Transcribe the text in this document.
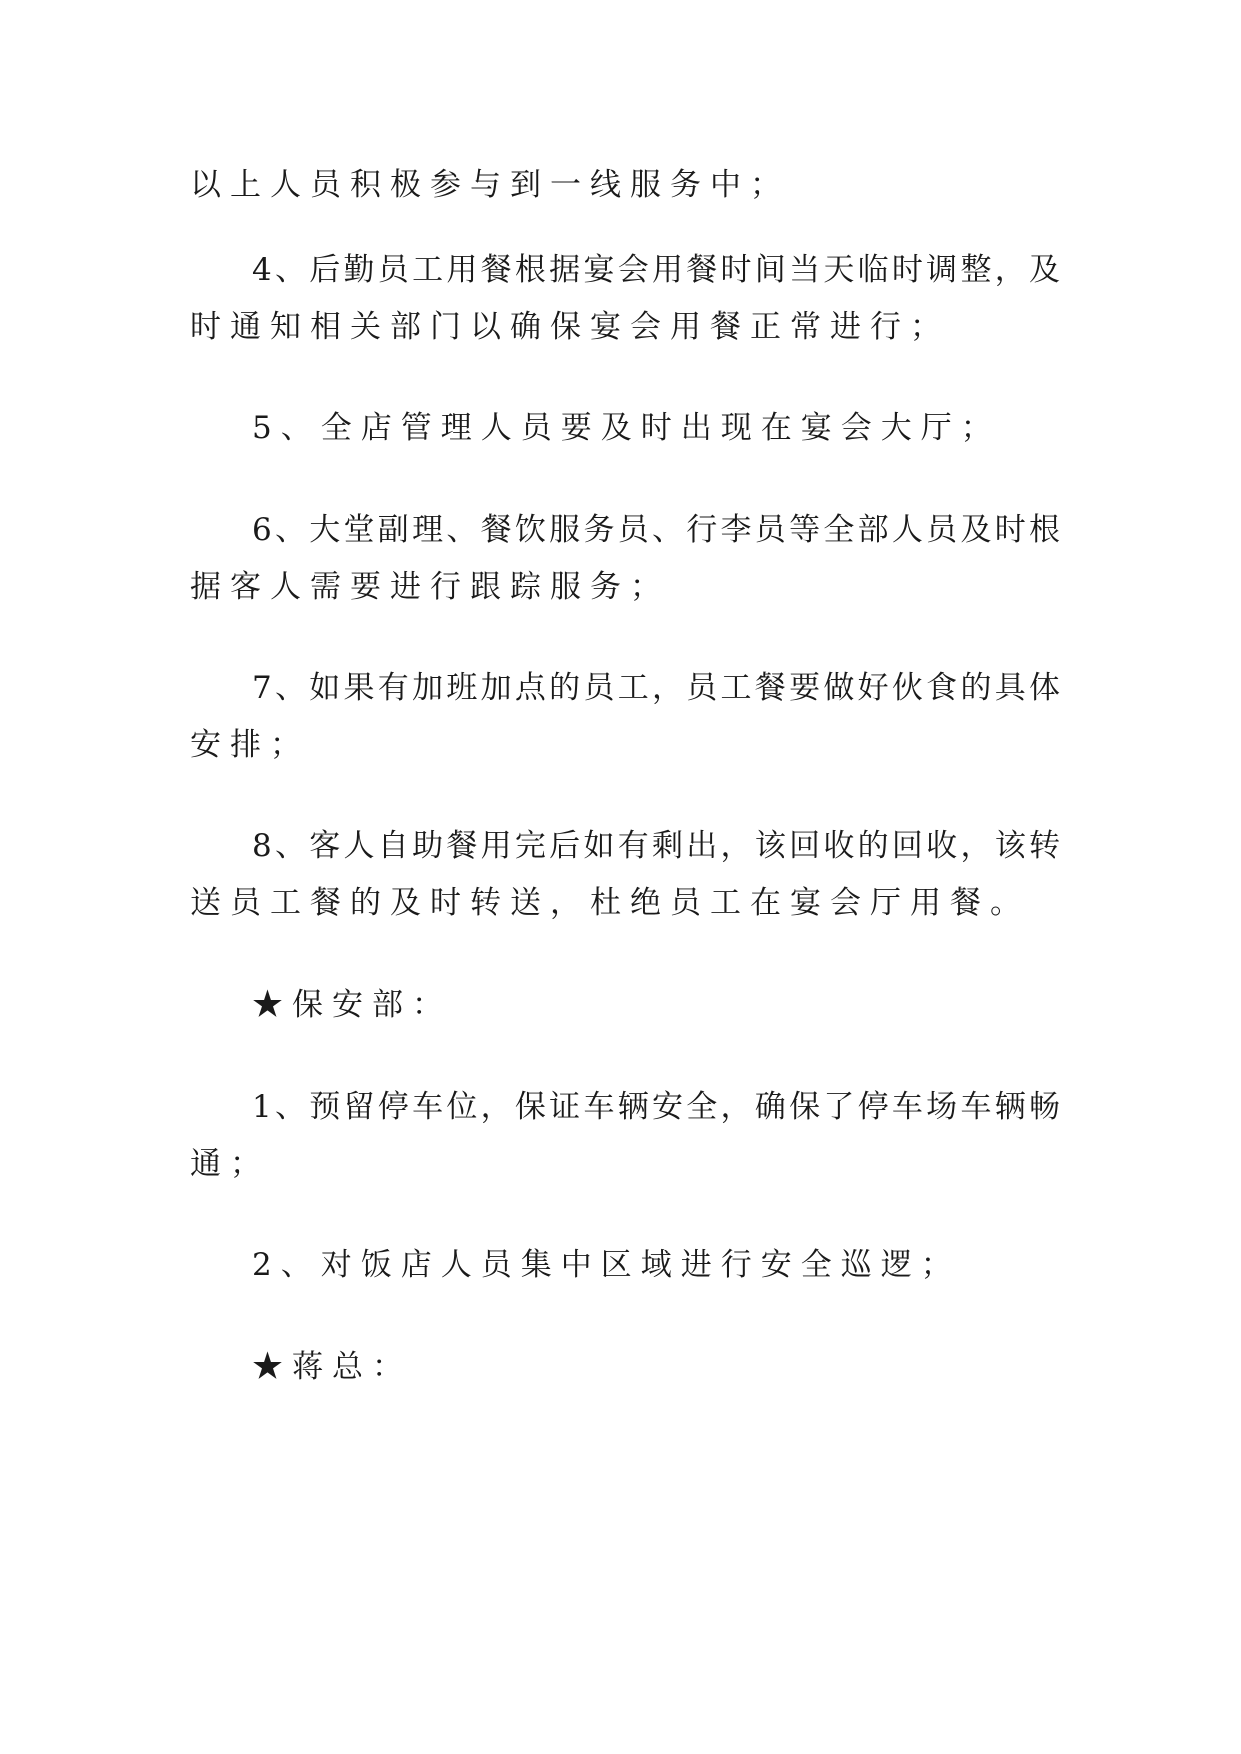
以上人员积极参与到一线服务中；

4、后勤员工用餐根据宴会用餐时间当天临时调整，及

时通知相关部门以确保宴会用餐正常进行；

5、全店管理人员要及时出现在宴会大厅；

6、大堂副理、餐饮服务员、行李员等全部人员及时根

据客人需要进行跟踪服务；

7、如果有加班加点的员工，员工餐要做好伙食的具体

安排；

8、客人自助餐用完后如有剩出，该回收的回收，该转

送员工餐的及时转送，杜绝员工在宴会厅用餐。

★保安部：

1、预留停车位，保证车辆安全，确保了停车场车辆畅

通；

2、对饭店人员集中区域进行安全巡逻；

★蒋总：
